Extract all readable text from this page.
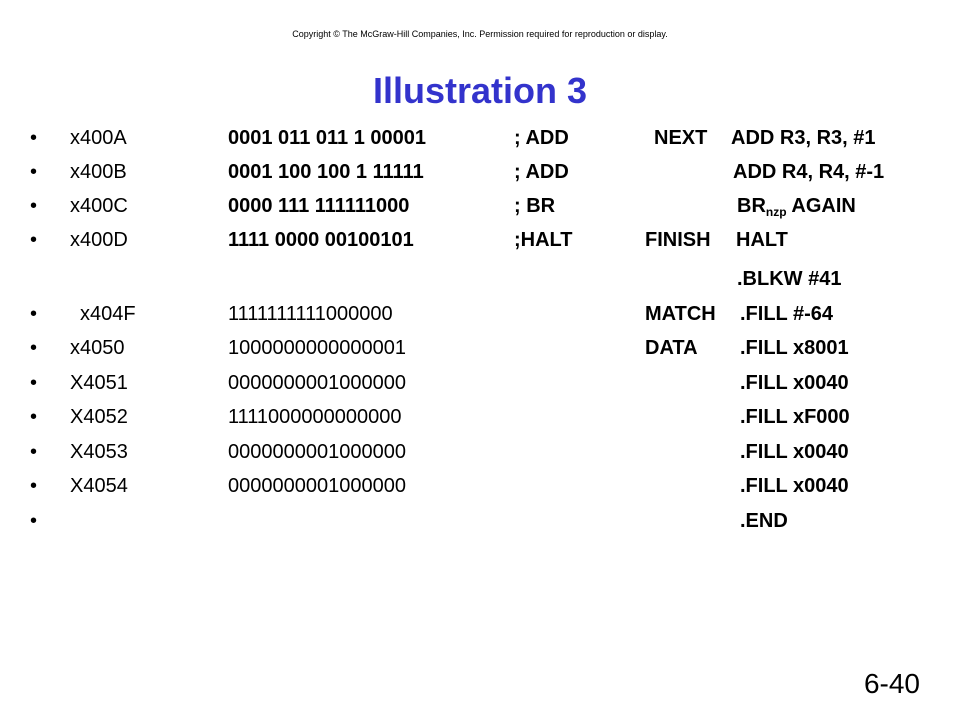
Copyright © The McGraw-Hill Companies, Inc. Permission required for reproduction or display.
Illustration 3
• x400A	0001 011 011 1 00001	; ADD	NEXT ADD R3, R3, #1
• x400B	0001 100 100 1 11111	; ADD	ADD R4, R4, #-1
• x400C	0000 111 111111000	; BR	$BR_{nzp}$ AGAIN
• x400D	1111 0000 00100101	;HALT	FINISH HALT
.BLKW #41
• x404F	1111111111000000	MATCH .FILL #-64
• x4050	1000000000000001	DATA .FILL x8001
• X4051	0000000001000000	.FILL x0040
• X4052	1111000000000000	.FILL xF000
• X4053	0000000001000000	.FILL x0040
• X4054	0000000001000000	.FILL x0040
•	.END
6-40
